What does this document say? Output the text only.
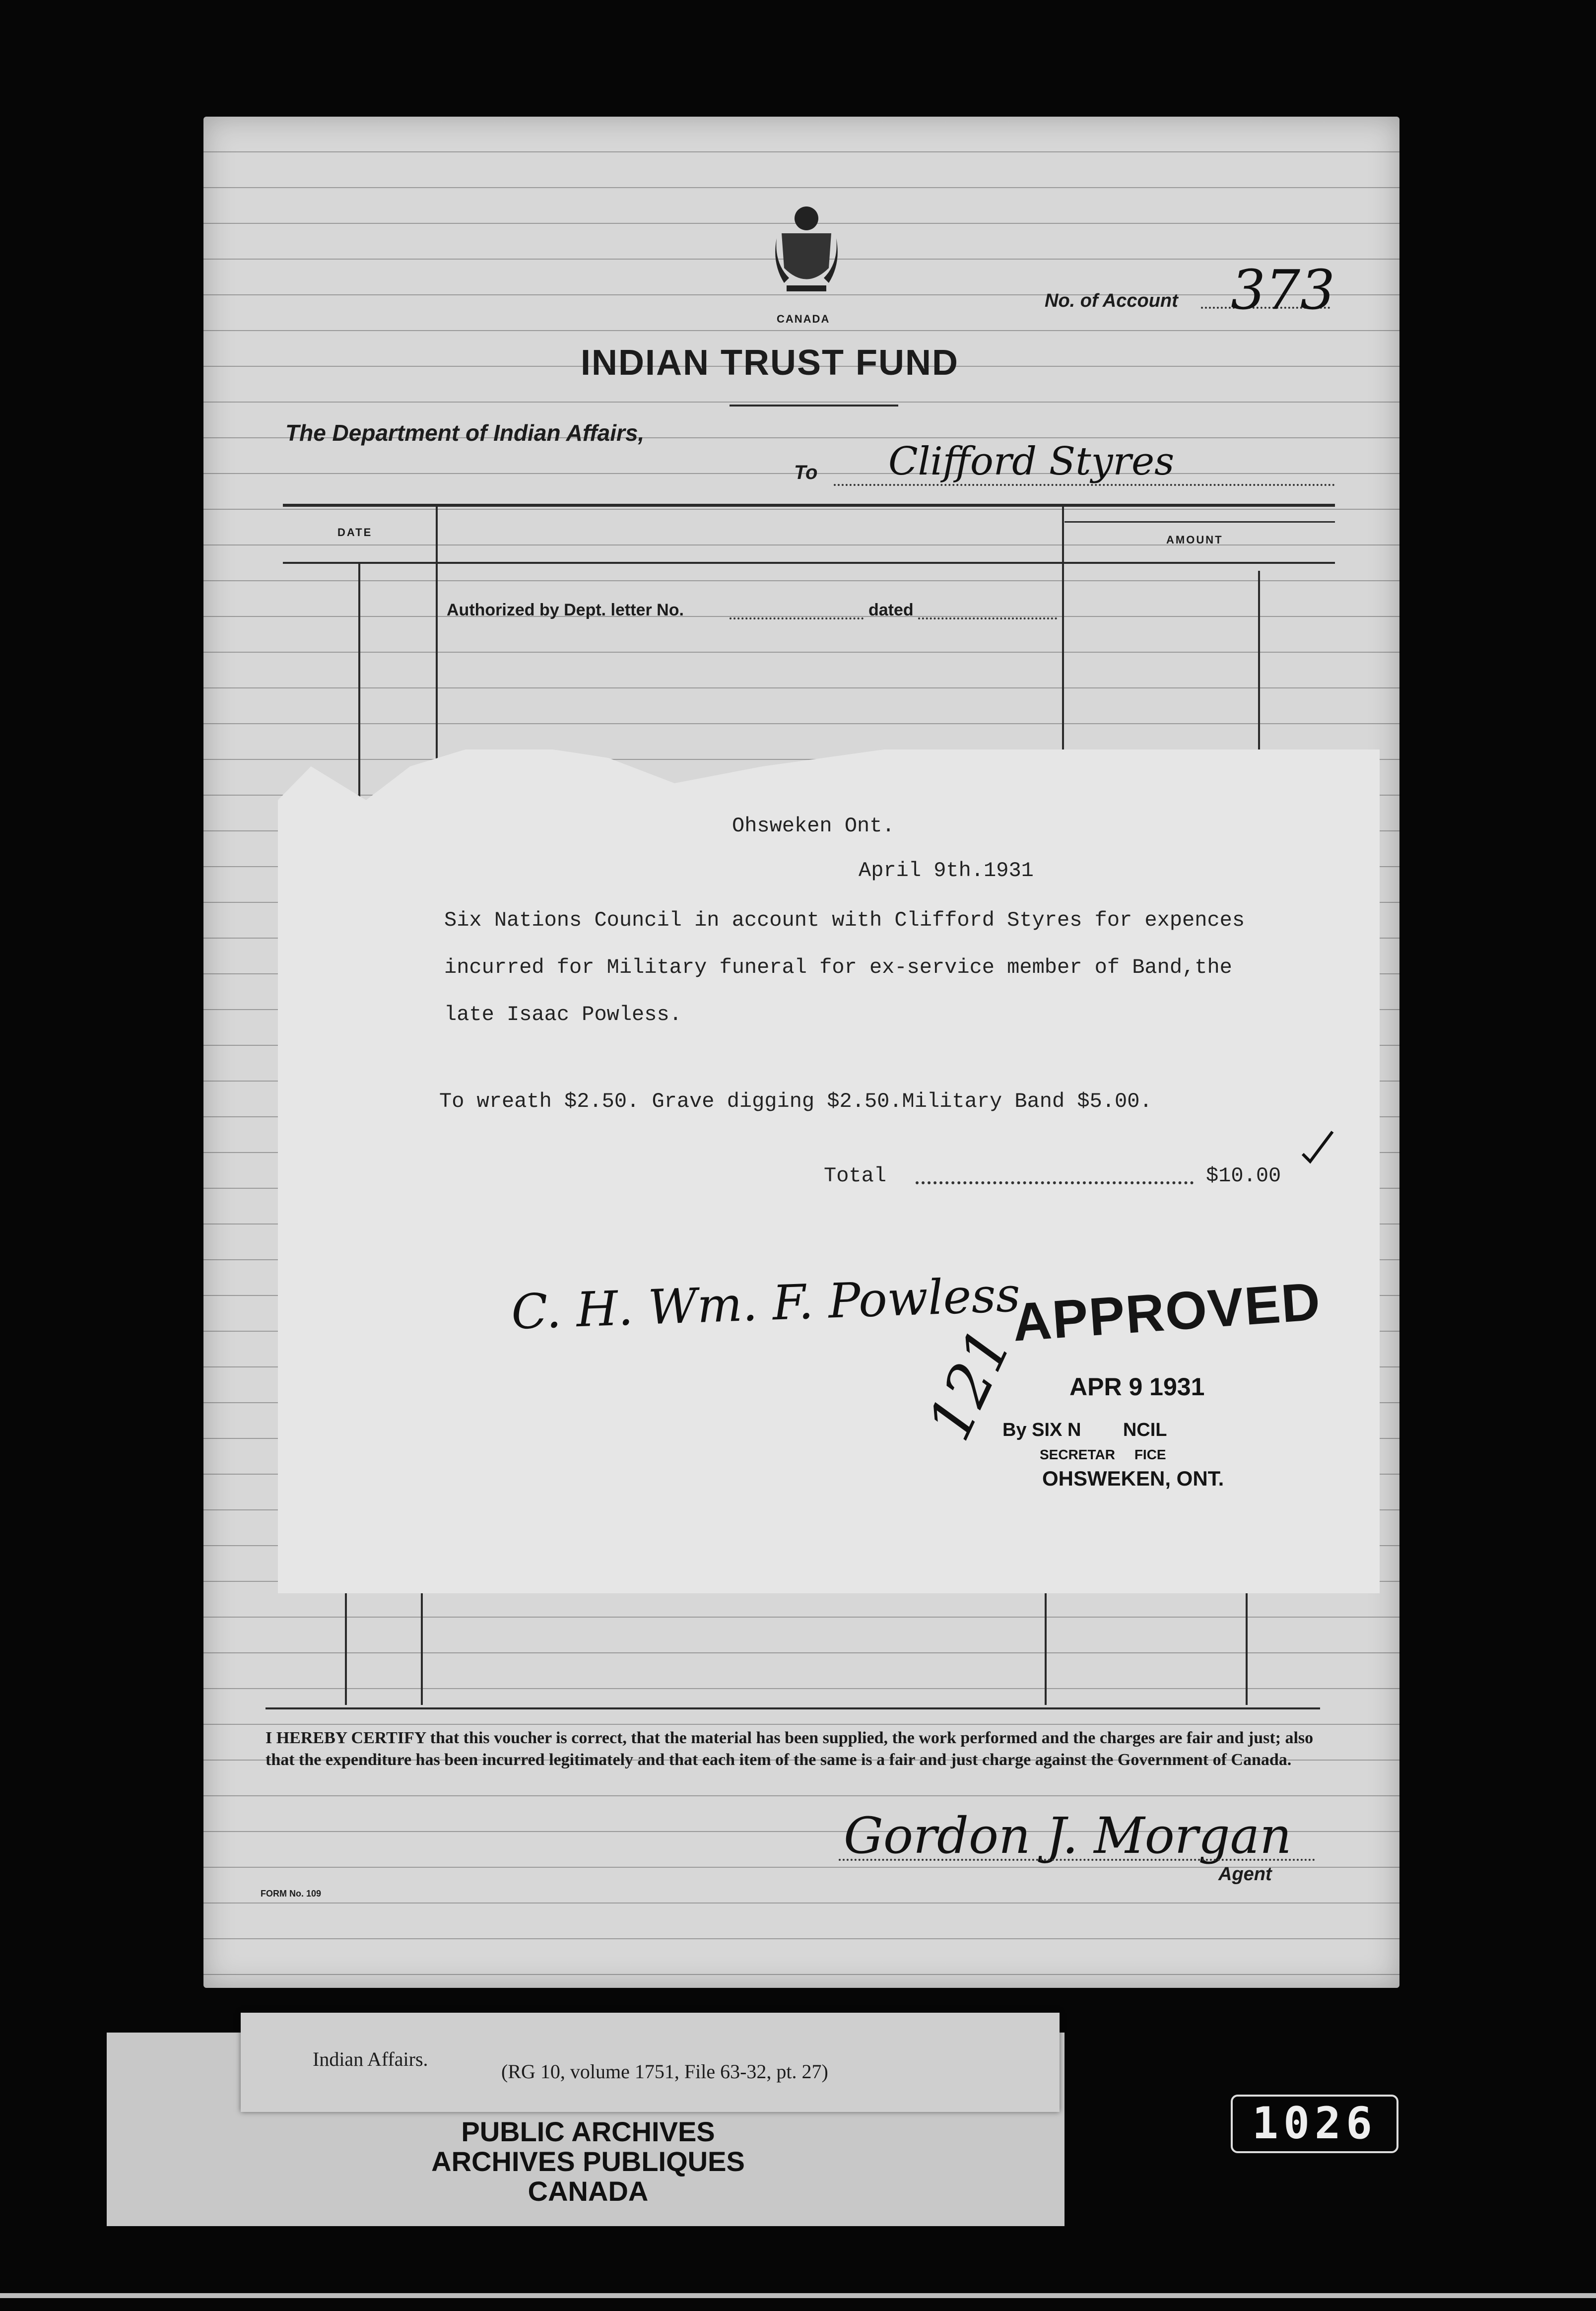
CANADA
No. of Account 373
INDIAN TRUST FUND
The Department of Indian Affairs,
To Clifford Styres
DATE
AMOUNT
Authorized by Dept. letter No.	dated
Ohsweken Ont.
April 9th.1931
Six Nations Council in account with Clifford Styres for expences
incurred for Military funeral for ex-service member of Band,the
late Isaac Powless.
To wreath $2.50. Grave digging $2.50.Military Band $5.00.
Total	$10.00
C. H. Wm. F. Powless
121
APPROVED
APR 9 1931
By SIX N        NCIL
SECRETAR     FICE
OHSWEKEN, ONT.
I HEREBY CERTIFY that this voucher is correct, that the material has been supplied, the work performed and the charges are fair and just; also that the expenditure has been incurred legitimately and that each item of the same is a fair and just charge against the Government of Canada.
Gordon J. Morgan
Agent
FORM No. 109
Indian Affairs.
(RG 10, volume 1751, File 63-32, pt. 27)
PUBLIC ARCHIVES
ARCHIVES PUBLIQUES
CANADA
1026
